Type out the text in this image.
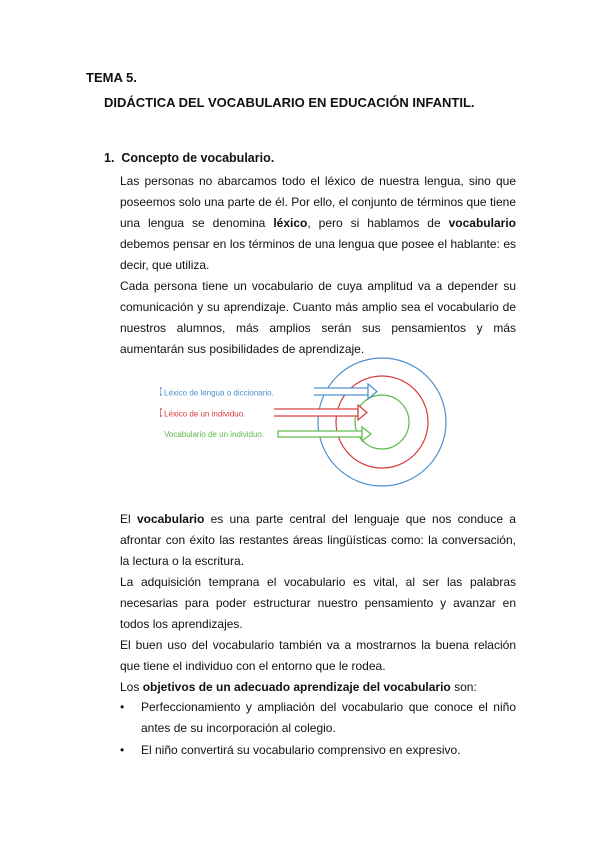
TEMA 5.
DIDÁCTICA DEL VOCABULARIO EN EDUCACIÓN INFANTIL.
1. Concepto de vocabulario.

Las personas no abarcamos todo el léxico de nuestra lengua, sino que poseemos solo una parte de él. Por ello, el conjunto de términos que tiene una lengua se denomina léxico, pero si hablamos de vocabulario debemos pensar en los términos de una lengua que posee el hablante: es decir, que utiliza.

Cada persona tiene un vocabulario de cuya amplitud va a depender su comunicación y su aprendizaje. Cuanto más amplio sea el vocabulario de nuestros alumnos, más amplios serán sus pensamientos y más aumentarán sus posibilidades de aprendizaje.

Léxico de lengua o diccionario.
Léxico de un individuo.
Vocabulario de un individuo.

El vocabulario es una parte central del lenguaje que nos conduce a afrontar con éxito las restantes áreas lingüísticas como: la conversación, la lectura o la escritura.

La adquisición temprana el vocabulario es vital, al ser las palabras necesarias para poder estructurar nuestro pensamiento y avanzar en todos los aprendizajes.

El buen uso del vocabulario también va a mostrarnos la buena relación que tiene el individuo con el entorno que le rodea.

Los objetivos de un adecuado aprendizaje del vocabulario son:

• Perfeccionamiento y ampliación del vocabulario que conoce el niño antes de su incorporación al colegio.
• El niño convertirá su vocabulario comprensivo en expresivo.
